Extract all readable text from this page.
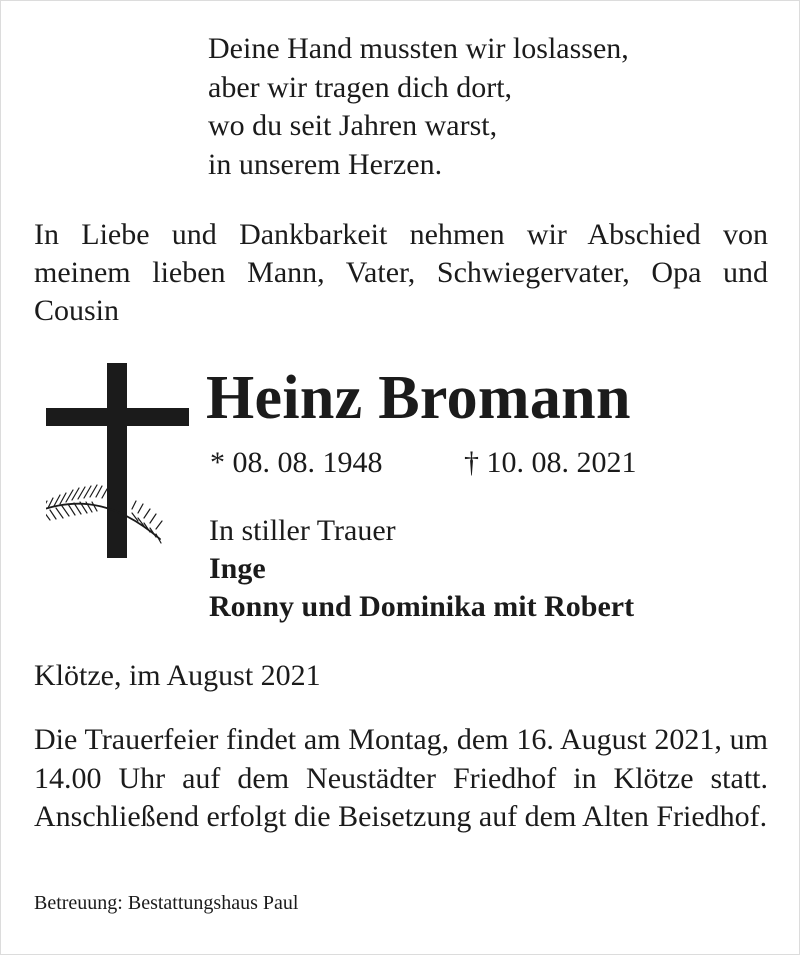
Deine Hand mussten wir loslassen,
aber wir tragen dich dort,
wo du seit Jahren warst,
in unserem Herzen.
In Liebe und Dankbarkeit nehmen wir Abschied von meinem lieben Mann, Vater, Schwiegervater, Opa und Cousin
Heinz Bromann
* 08. 08. 1948	† 10. 08. 2021
In stiller Trauer
Inge
Ronny und Dominika mit Robert
Klötze, im August 2021
Die Trauerfeier findet am Montag, dem 16. August 2021, um 14.00 Uhr auf dem Neustädter Friedhof in Klötze statt. Anschließend erfolgt die Beisetzung auf dem Alten Friedhof.
Betreuung: Bestattungshaus Paul
